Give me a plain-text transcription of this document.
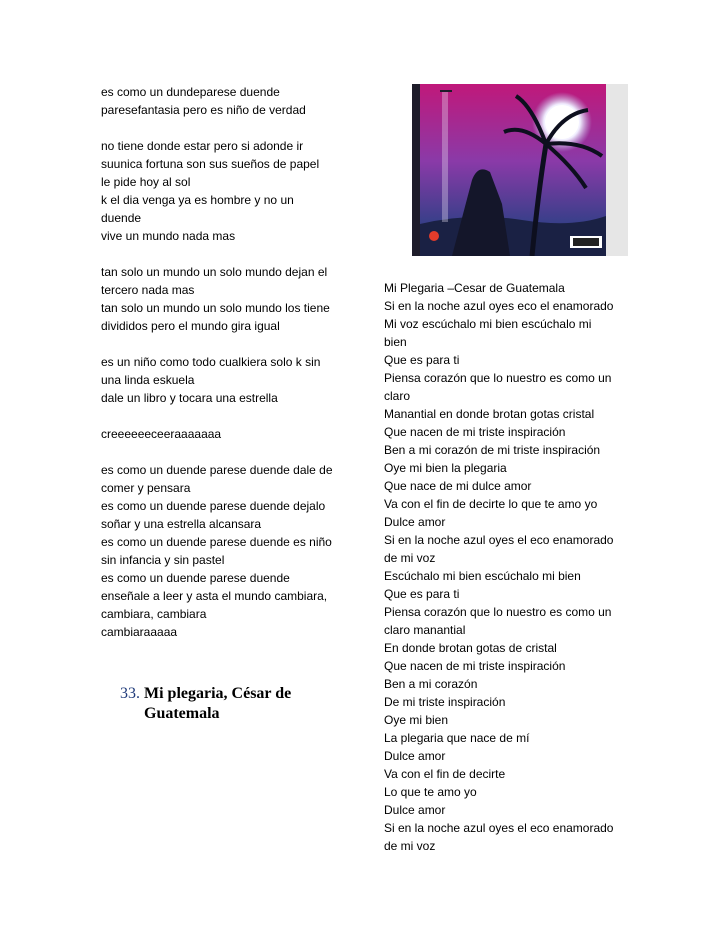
es como un dundeparese duende

paresefantasia pero es niño de verdad

no tiene donde estar pero si adonde ir

suunica fortuna son sus sueños de papel

le pide hoy al sol

k el dia venga ya es hombre y no un

duende

vive un mundo nada mas

tan solo un mundo un solo mundo dejan el

tercero nada mas

tan solo un mundo un solo mundo los tiene

divididos pero el mundo gira igual

es un niño como todo cualkiera solo k sin

una linda eskuela

dale un libro y tocara una estrella

creeeeeeceeraaaaaaa

es como un duende parese duende dale de

comer y pensara

es como un duende parese duende dejalo

soñar y una estrella alcansara

es como un duende parese duende es niño

sin infancia y sin pastel

es como un duende parese duende

enseñale a leer y asta el mundo cambiara,

cambiara, cambiara

cambiaraaaaa

33. Mi plegaria, César de Guatemala

Mi Plegaria –Cesar de Guatemala

Si en la noche azul oyes eco el enamorado

Mi voz escúchalo mi bien escúchalo mi

bien

Que es para ti

Piensa corazón que lo nuestro es como un

claro

Manantial en donde brotan gotas cristal

Que nacen de mi triste inspiración

Ben a mi corazón de mi triste inspiración

Oye mi bien la plegaria

Que nace de mi dulce amor

Va con el fin de decirte lo que te amo yo

Dulce amor

Si en la noche azul oyes el eco enamorado

de mi voz

Escúchalo mi bien escúchalo mi bien

Que es para ti

Piensa corazón que lo nuestro es como un

claro manantial

En donde brotan gotas de cristal

Que nacen de mi triste inspiración

Ben a mi corazón

De mi triste inspiración

Oye mi bien

La plegaria que nace de mí

Dulce amor

Va con el fin de decirte

Lo que te amo yo

Dulce amor

Si en la noche azul oyes el eco enamorado

de mi voz
